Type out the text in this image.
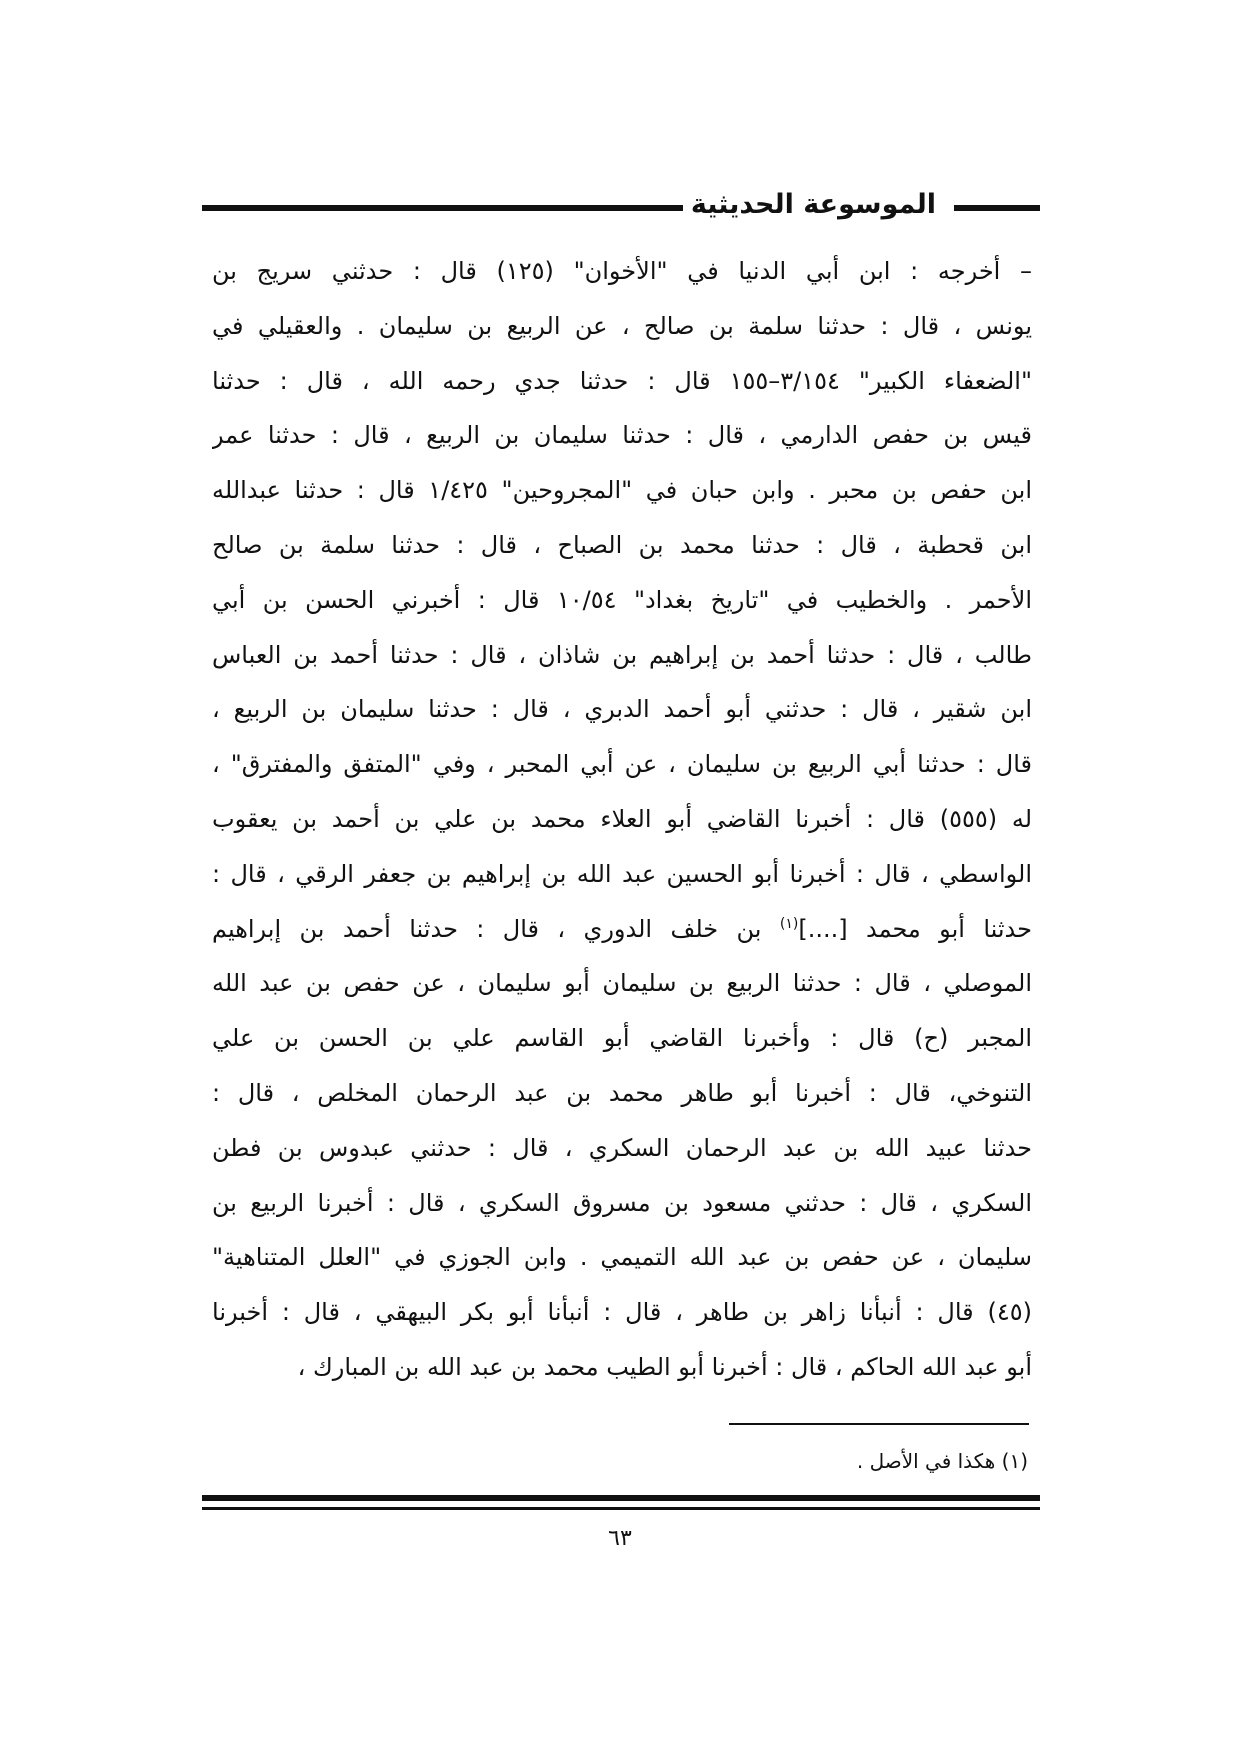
الموسوعة الحديثية
– أخرجه : ابن أبي الدنيا في "الأخوان" (١٢٥) قال : حدثني سريج بن
يونس ، قال : حدثنا سلمة بن صالح ، عن الربيع بن سليمان . والعقيلي في
"الضعفاء الكبير" ٣/١٥٤–١٥٥ قال : حدثنا جدي رحمه الله ، قال : حدثنا
قيس بن حفص الدارمي ، قال : حدثنا سليمان بن الربيع ، قال : حدثنا عمر
ابن حفص بن محبر . وابن حبان في "المجروحين" ١/٤٢٥ قال : حدثنا عبدالله
ابن قحطبة ، قال : حدثنا محمد بن الصباح ، قال : حدثنا سلمة بن صالح
الأحمر . والخطيب في "تاريخ بغداد" ١٠/٥٤ قال : أخبرني الحسن بن أبي
طالب ، قال : حدثنا أحمد بن إبراهيم بن شاذان ، قال : حدثنا أحمد بن العباس
ابن شقير ، قال : حدثني أبو أحمد الدبري ، قال : حدثنا سليمان بن الربيع ،
قال : حدثنا أبي الربيع بن سليمان ، عن أبي المحبر ، وفي "المتفق والمفترق" ،
له (٥٥٥) قال : أخبرنا القاضي أبو العلاء محمد بن علي بن أحمد بن يعقوب
الواسطي ، قال : أخبرنا أبو الحسين عبد الله بن إبراهيم بن جعفر الرقي ، قال :
حدثنا أبو محمد [....]$^{(١)}$ بن خلف الدوري ، قال : حدثنا أحمد بن إبراهيم
الموصلي ، قال : حدثنا الربيع بن سليمان أبو سليمان ، عن حفص بن عبد الله
المجبر (ح) قال : وأخبرنا القاضي أبو القاسم علي بن الحسن بن علي
التنوخي، قال : أخبرنا أبو طاهر محمد بن عبد الرحمان المخلص ، قال :
حدثنا عبيد الله بن عبد الرحمان السكري ، قال : حدثني عبدوس بن فطن
السكري ، قال : حدثني مسعود بن مسروق السكري ، قال : أخبرنا الربيع بن
سليمان ، عن حفص بن عبد الله التميمي . وابن الجوزي في "العلل المتناهية"
(٤٥) قال : أنبأنا زاهر بن طاهر ، قال : أنبأنا أبو بكر البيهقي ، قال : أخبرنا
أبو عبد الله الحاكم ، قال : أخبرنا أبو الطيب محمد بن عبد الله بن المبارك ،
(١) هكذا في الأصل .
٦٣
